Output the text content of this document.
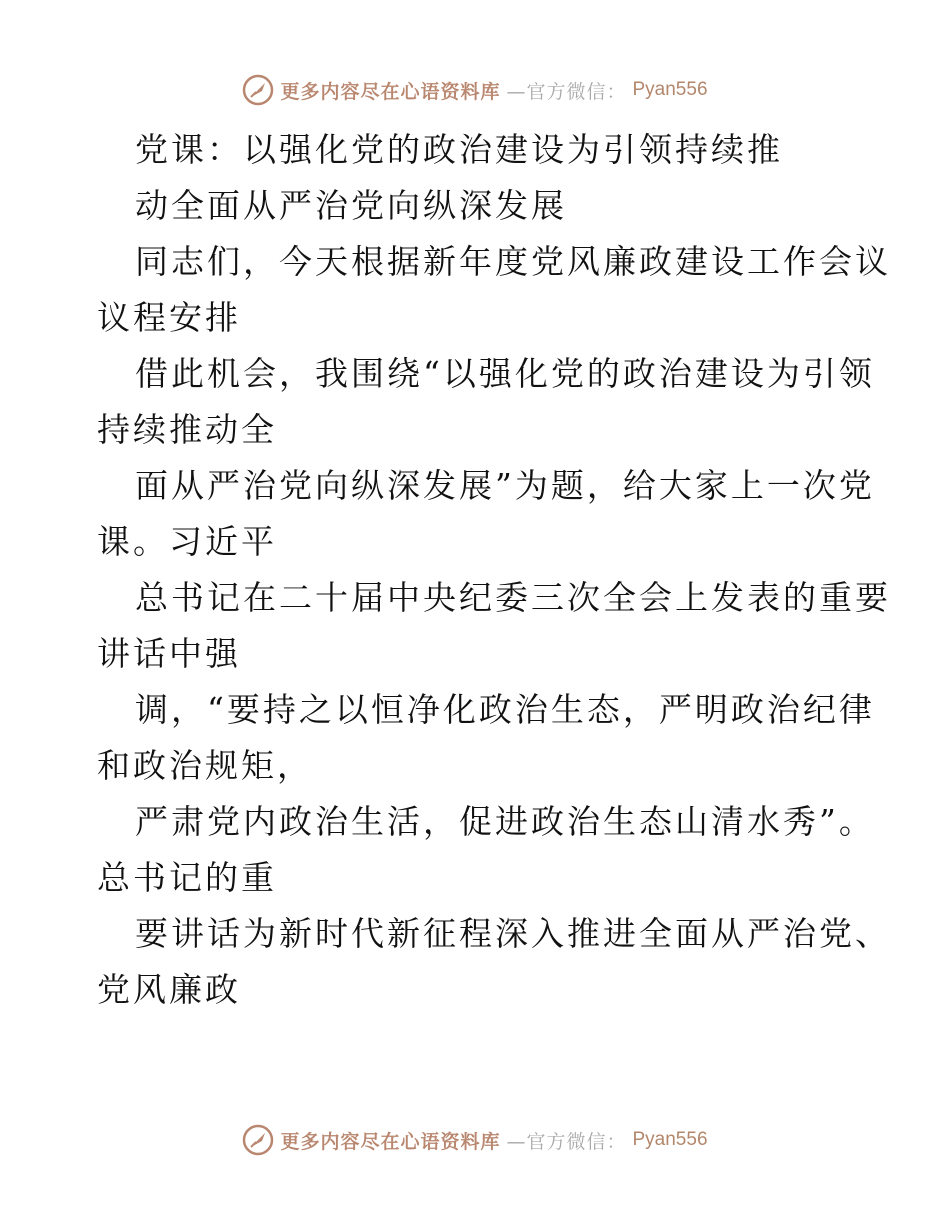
更多内容尽在心语资料库 —官方微信： Pyan556
党课：以强化党的政治建设为引领持续推
动全面从严治党向纵深发展
同志们，今天根据新年度党风廉政建设工作会议
议程安排
借此机会，我围绕“以强化党的政治建设为引领
持续推动全
面从严治党向纵深发展”为题，给大家上一次党
课。习近平
总书记在二十届中央纪委三次全会上发表的重要
讲话中强
调，“要持之以恒净化政治生态，严明政治纪律
和政治规矩，
严肃党内政治生活，促进政治生态山清水秀”。
总书记的重
要讲话为新时代新征程深入推进全面从严治党、
党风廉政
更多内容尽在心语资料库 —官方微信： Pyan556
